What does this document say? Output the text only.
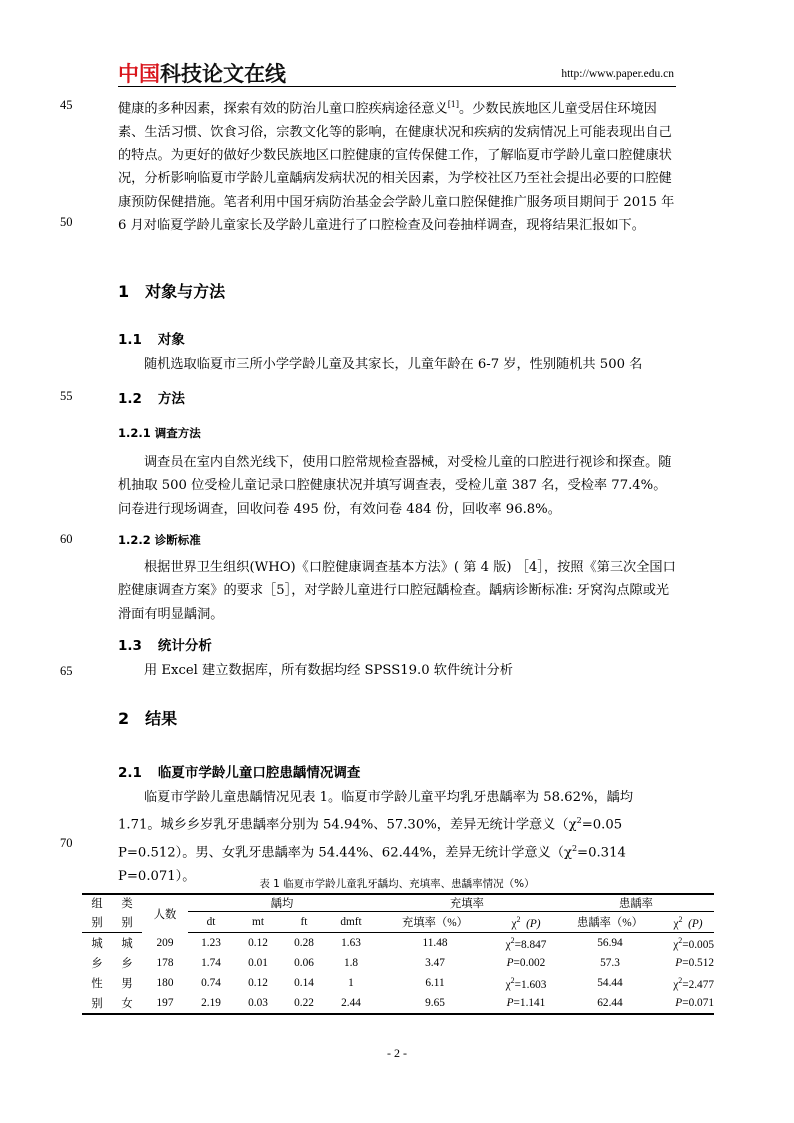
中国科技论文在线	http://www.paper.edu.cn
45
50
55
60
65
70

健康的多种因素，探索有效的防治儿童口腔疾病途径意义[1]。少数民族地区儿童受居住环境因素、生活习惯、饮食习俗，宗教文化等的影响，在健康状况和疾病的发病情况上可能表现出自己的特点。为更好的做好少数民族地区口腔健康的宣传保健工作，了解临夏市学龄儿童口腔健康状况，分析影响临夏市学龄儿童龋病发病状况的相关因素，为学校社区乃至社会提出必要的口腔健康预防保健措施。笔者利用中国牙病防治基金会学龄儿童口腔保健推广服务项目期间于 2015 年 6 月对临夏学龄儿童家长及学龄儿童进行了口腔检查及问卷抽样调查，现将结果汇报如下。

1 对象与方法
1.1 对象

随机选取临夏市三所小学学龄儿童及其家长，儿童年龄在 6-7 岁，性别随机共 500 名

1.2 方法
1.2.1 调查方法

调查员在室内自然光线下，使用口腔常规检查器械，对受检儿童的口腔进行视诊和探查。随机抽取 500 位受检儿童记录口腔健康状况并填写调查表，受检儿童 387 名，受检率 77.4%。问卷进行现场调查，回收问卷 495 份，有效问卷 484 份，回收率 96.8%。

1.2.2 诊断标准

根据世界卫生组织(WHO)《口腔健康调查基本方法》( 第 4 版) ［4］，按照《第三次全国口腔健康调查方案》的要求［5］，对学龄儿童进行口腔冠龋检查。龋病诊断标准: 牙窝沟点隙或光滑面有明显龋洞。

1.3 统计分析

用 Excel 建立数据库，所有数据均经 SPSS19.0 软件统计分析

2 结果
2.1 临夏市学龄儿童口腔患龋情况调查

临夏市学龄儿童患龋情况见表 1。临夏市学龄儿童平均乳牙患龋率为 58.62%，龋均 1.71。城乡乡岁乳牙患龋率分别为 54.94%、57.30%，差异无统计学意义（$\chi^2=0.05$ P=0.512）。男、女乳牙患龋率为 54.44%、62.44%，差异无统计学意义（$\chi^2=0.314$ P=0.071）。

表 1 临夏市学龄儿童乳牙龋均、充填率、患龋率情况（%）
组	类	人数	龋均				充填率		患龋率	
别	别		dt	mt	ft	dmft	充填率（%）	$\chi^2$ (P)	患龋率（%）	$\chi^2$ (P)
城	城	209	1.23	0.12	0.28	1.63	11.48	$\chi^2=8.847$	56.94	$\chi^2=0.005$
乡	乡	178	1.74	0.01	0.06	1.8	3.47	P=0.002	57.3	P=0.512
性	男	180	0.74	0.12	0.14	1	6.11	$\chi^2=1.603$	54.44	$\chi^2=2.477$
别	女	197	2.19	0.03	0.22	2.44	9.65	P=1.141	62.44	P=0.071
- 2 -
